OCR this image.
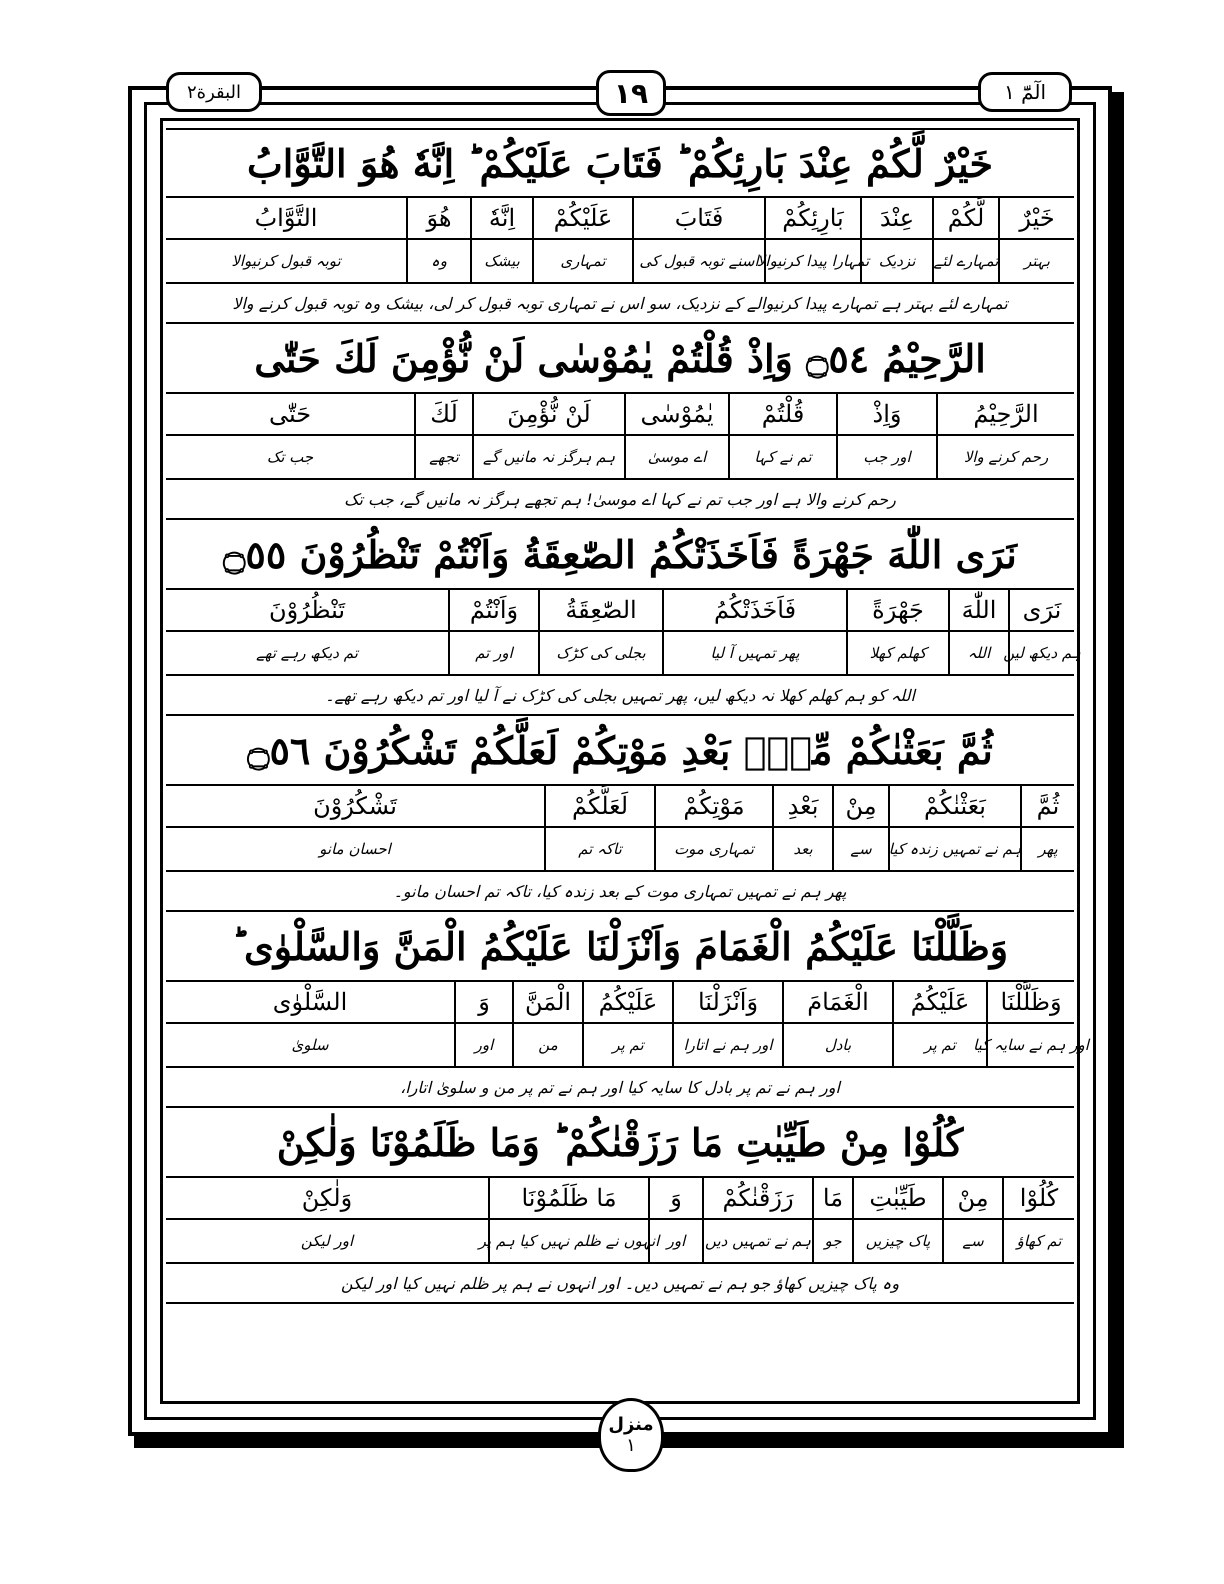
البقرة٢	١٩	الٓمّٓ ١
خَيْرٌ لَّكُمْ عِنْدَ بَارِئِكُمْ ؕ فَتَابَ عَلَيْكُمْ ؕ اِنَّهٗ هُوَ التَّوَّابُ
خَيْرٌ
لَّكُمْ
عِنْدَ
بَارِئِكُمْ
فَتَابَ
عَلَيْكُمْ
اِنَّهٗ
هُوَ
التَّوَّابُ
بہتر
تمہارے لئے
نزدیک
تمہارا پیدا کرنیوالا
اسنے توبہ قبول کی
تمہاری
بیشک
وہ
توبہ قبول کرنیوالا
تمہارے لئے بہتر ہے تمہارے پیدا کرنیوالے کے نزدیک، سو اس نے تمہاری توبہ قبول کر لی، بیشک وہ توبہ قبول کرنے والا
الرَّحِيْمُ ۝٥٤ وَاِذْ قُلْتُمْ يٰمُوْسٰى لَنْ نُّؤْمِنَ لَكَ حَتّٰى
الرَّحِيْمُ
وَاِذْ
قُلْتُمْ
يٰمُوْسٰى
لَنْ نُّؤْمِنَ
لَكَ
حَتّٰى
رحم کرنے والا
اور جب
تم نے کہا
اے موسیٰ
ہم ہرگز نہ مانیں گے
تجھے
جب تک
رحم کرنے والا ہے اور جب تم نے کہا اے موسیٰ! ہم تجھے ہرگز نہ مانیں گے، جب تک
نَرَى اللّٰهَ جَهْرَةً فَاَخَذَتْكُمُ الصّٰعِقَةُ وَاَنْتُمْ تَنْظُرُوْنَ ۝٥٥
نَرَى
اللّٰهَ
جَهْرَةً
فَاَخَذَتْكُمُ
الصّٰعِقَةُ
وَاَنْتُمْ
تَنْظُرُوْنَ
ہم دیکھ لیں
اللہ
کھلم کھلا
پھر تمہیں آ لیا
بجلی کی کڑک
اور تم
تم دیکھ رہے تھے
اللہ کو ہم کھلم کھلا نہ دیکھ لیں، پھر تمہیں بجلی کی کڑک نے آ لیا اور تم دیکھ رہے تھے۔
ثُمَّ بَعَثْنٰكُمْ مِّنْۢ بَعْدِ مَوْتِكُمْ لَعَلَّكُمْ تَشْكُرُوْنَ ۝٥٦
ثُمَّ
بَعَثْنٰكُمْ
مِنْ
بَعْدِ
مَوْتِكُمْ
لَعَلَّكُمْ
تَشْكُرُوْنَ
پھر
ہم نے تمہیں زندہ کیا
سے
بعد
تمہاری موت
تاکہ تم
احسان مانو
پھر ہم نے تمہیں تمہاری موت کے بعد زندہ کیا، تاکہ تم احسان مانو۔
وَظَلَّلْنَا عَلَيْكُمُ الْغَمَامَ وَاَنْزَلْنَا عَلَيْكُمُ الْمَنَّ وَالسَّلْوٰى ؕ
وَظَلَّلْنَا
عَلَيْكُمُ
الْغَمَامَ
وَاَنْزَلْنَا
عَلَيْكُمُ
الْمَنَّ
وَ
السَّلْوٰى
اور ہم نے سایہ کیا
تم پر
بادل
اور ہم نے اتارا
تم پر
من
اور
سلویٰ
اور ہم نے تم پر بادل کا سایہ کیا اور ہم نے تم پر من و سلویٰ اتارا،
كُلُوْا مِنْ طَيِّبٰتِ مَا رَزَقْنٰكُمْ ؕ وَمَا ظَلَمُوْنَا وَلٰكِنْ
كُلُوْا
مِنْ
طَيِّبٰتِ
مَا
رَزَقْنٰكُمْ
وَ
مَا ظَلَمُوْنَا
وَلٰكِنْ
تم کھاؤ
سے
پاک چیزیں
جو
ہم نے تمہیں دیں
اور
انہوں نے ظلم نہیں کیا ہم پر
اور لیکن
وہ پاک چیزیں کھاؤ جو ہم نے تمہیں دیں۔ اور انہوں نے ہم پر ظلم نہیں کیا اور لیکن
منزل
١
